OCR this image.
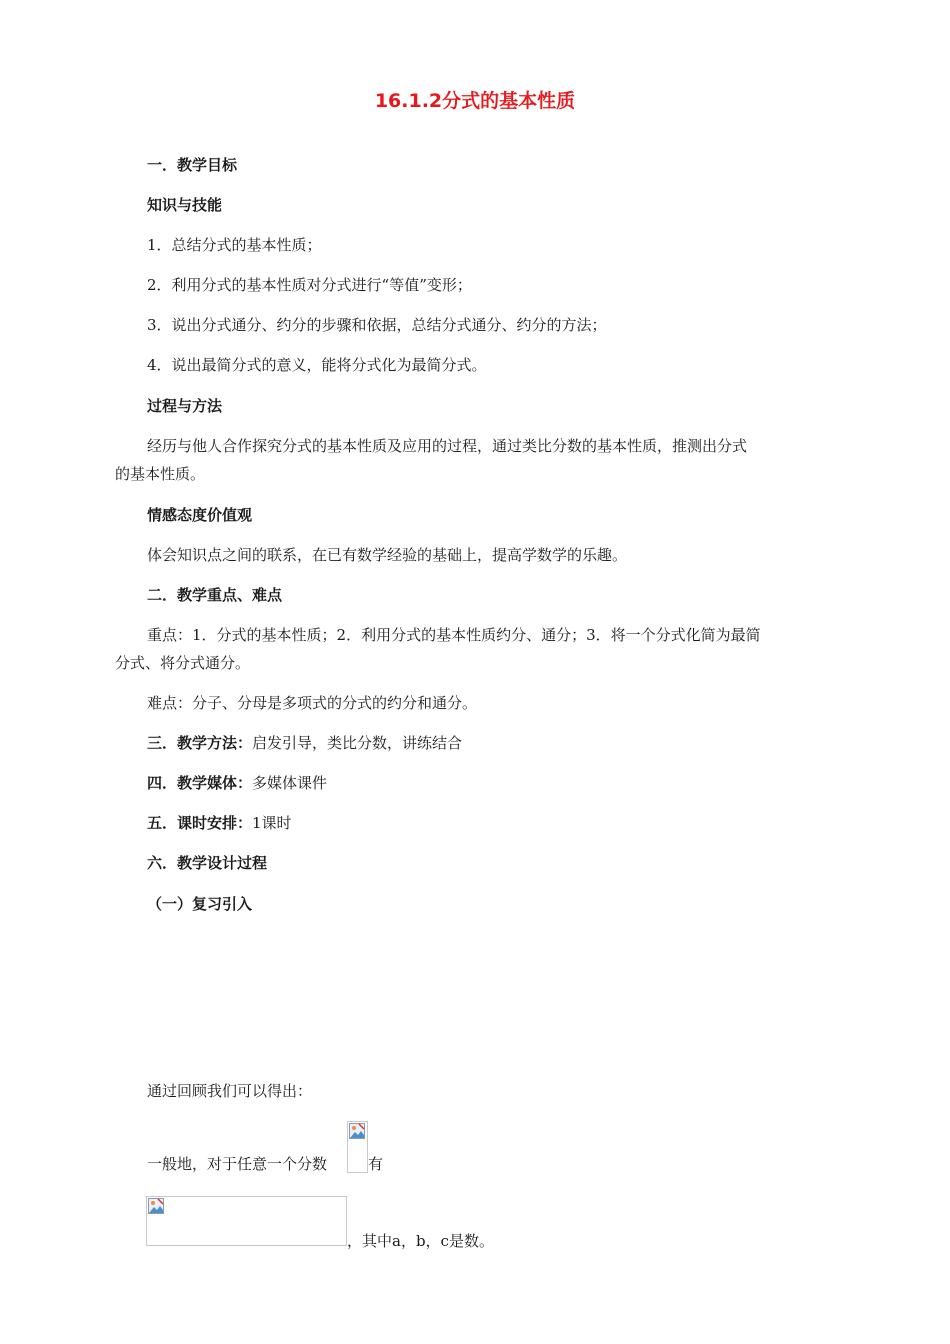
16.1.2分式的基本性质
一．教学目标
知识与技能
1．总结分式的基本性质；
2．利用分式的基本性质对分式进行“等值”变形；
3．说出分式通分、约分的步骤和依据，总结分式通分、约分的方法；
4．说出最简分式的意义，能将分式化为最简分式。
过程与方法
经历与他人合作探究分式的基本性质及应用的过程，通过类比分数的基本性质，推测出分式
的基本性质。
情感态度价值观
体会知识点之间的联系，在已有数学经验的基础上，提高学数学的乐趣。
二．教学重点、难点
重点：1．分式的基本性质；2．利用分式的基本性质约分、通分；3．将一个分式化简为最简
分式、将分式通分。
难点：分子、分母是多项式的分式的约分和通分。
三．教学方法：启发引导，类比分数，讲练结合
四．教学媒体：多媒体课件
五．课时安排：1课时
六．教学设计过程
（一）复习引入
通过回顾我们可以得出：
一般地，对于任意一个分数	有
，其中a，b，c是数。
